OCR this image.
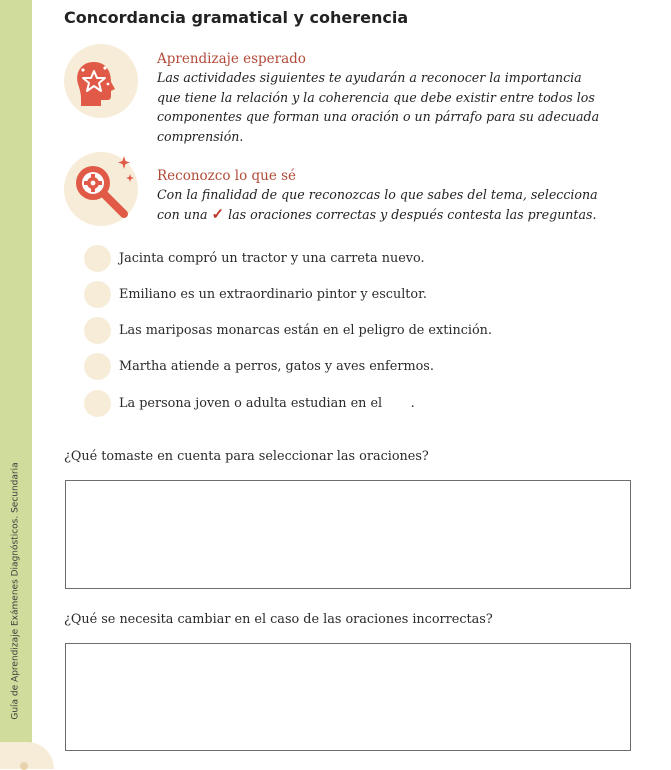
Guía de Aprendizaje Exámenes Diagnósticos. Secundaria
Concordancia gramatical y coherencia
Aprendizaje esperado

Las actividades siguientes te ayudarán a reconocer la importancia
que tiene la relación y la coherencia que debe existir entre todos los
componentes que forman una oración o un párrafo para su adecuada
comprensión.

Reconozco lo que sé

Con la finalidad de que reconozcas lo que sabes del tema, selecciona
con una ✓ las oraciones correctas y después contesta las preguntas.

Jacinta compró un tractor y una carreta nuevo.
Emiliano es un extraordinario pintor y escultor.
Las mariposas monarcas están en el peligro de extinción.
Martha atiende a perros, gatos y aves enfermos.
La persona joven o adulta estudian en el       .

¿Qué tomaste en cuenta para seleccionar las oraciones?

¿Qué se necesita cambiar en el caso de las oraciones incorrectas?
